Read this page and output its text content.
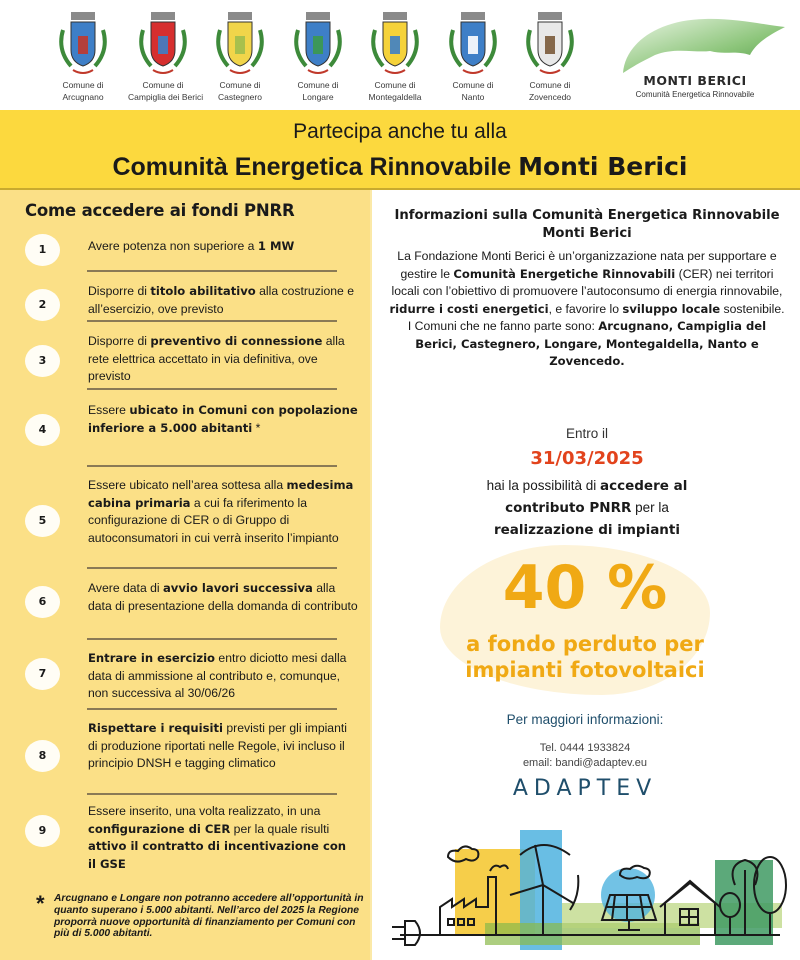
Comune di
Arcugnano
Comune di
Campiglia dei Berici
Comune di
Castegnero
Comune di
Longare
Comune di
Montegaldella
Comune di
Nanto
Comune di
Zovencedo
MONTI BERICI
Comunità Energetica Rinnovabile
Partecipa anche tu alla
Comunità Energetica Rinnovabile Monti Berici
Come accedere ai fondi PNRR
1	Avere potenza non superiore a 1 MW
2
Disporre di titolo abilitativo alla costruzione e all’esercizio, ove previsto
3
Disporre di preventivo di connessione alla rete elettrica accettato in via definitiva, ove previsto
4
Essere ubicato in Comuni con popolazione inferiore a 5.000 abitanti *
5
Essere ubicato nell’area sottesa alla medesima cabina primaria a cui fa riferimento la configurazione di CER o di Gruppo di autoconsumatori in cui verrà inserito l’impianto
6
Avere data di avvio lavori successiva alla data di presentazione della domanda di contributo
7
Entrare in esercizio entro diciotto mesi dalla data di ammissione al contributo e, comunque, non successiva al 30/06/26
8
Rispettare i requisiti previsti per gli impianti di produzione riportati nelle Regole, ivi incluso il principio DNSH e tagging climatico
9
Essere inserito, una volta realizzato, in una configurazione di CER per la quale risulti attivo il contratto di incentivazione con il GSE
* Arcugnano e Longare non potranno accedere all’opportunità in quanto superano i 5.000 abitanti. Nell’arco del 2025 la Regione proporrà nuove opportunità di finanziamento per Comuni con più di 5.000 abitanti.
Informazioni sulla Comunità Energetica Rinnovabile Monti Berici
La Fondazione Monti Berici è un’organizzazione nata per supportare e gestire le Comunità Energetiche Rinnovabili (CER) nei territori locali con l’obiettivo di promuovere l’autoconsumo di energia rinnovabile, ridurre i costi energetici, e favorire lo sviluppo locale sostenibile. I Comuni che ne fanno parte sono: Arcugnano, Campiglia del Berici, Castegnero, Longare, Montegaldella, Nanto e Zovencedo.
Entro il
31/03/2025
hai la possibilità di accedere al contributo PNRR per la realizzazione di impianti
40 %
a fondo perduto per
impianti fotovoltaici
Per maggiori informazioni:
Tel. 0444 1933824
email: bandi@adaptev.eu
ADAPTEV
